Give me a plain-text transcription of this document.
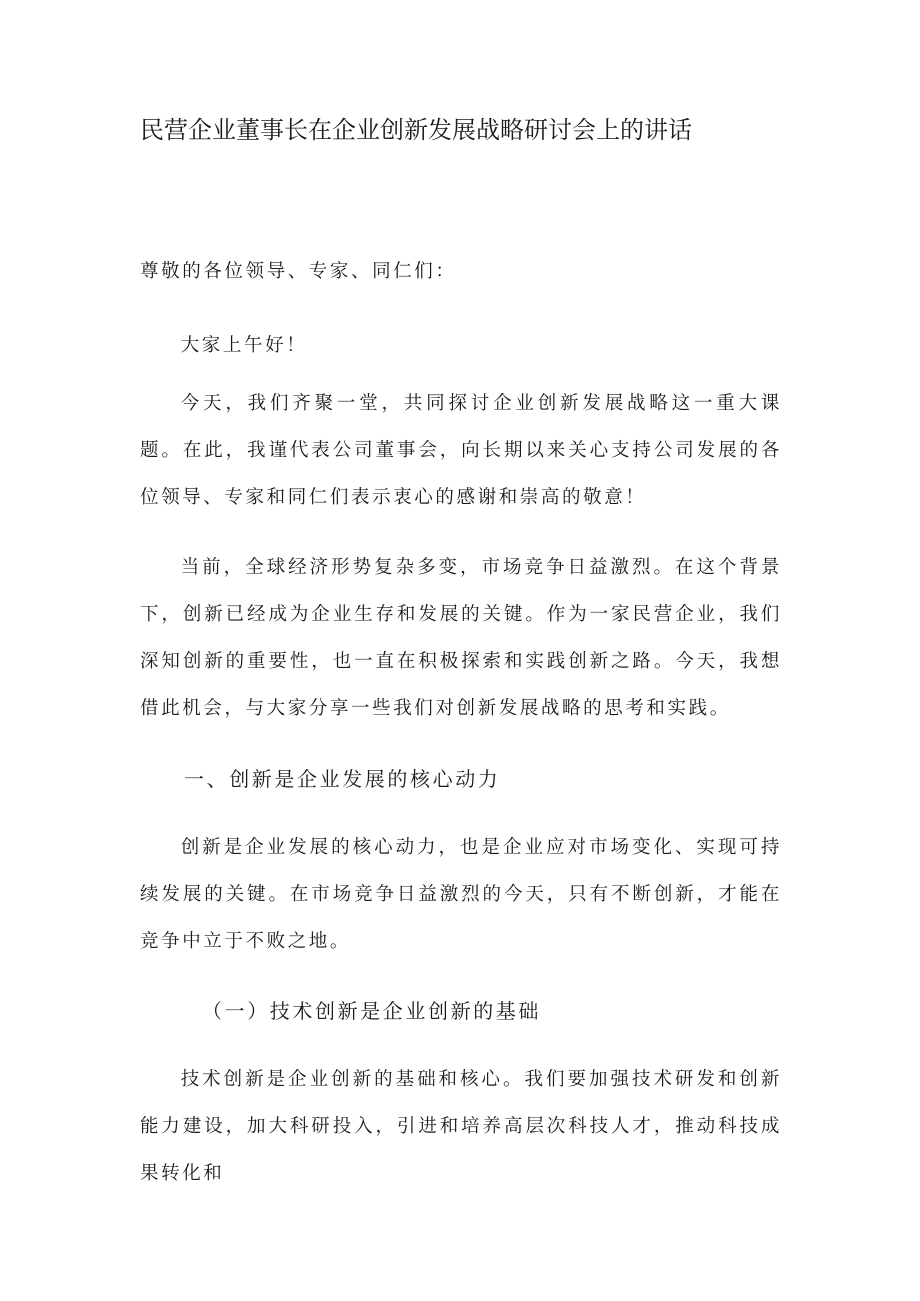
民营企业董事长在企业创新发展战略研讨会上的讲话

尊敬的各位领导、专家、同仁们：

大家上午好！

今天，我们齐聚一堂，共同探讨企业创新发展战略这一重大课题。在此，我谨代表公司董事会，向长期以来关心支持公司发展的各位领导、专家和同仁们表示衷心的感谢和崇高的敬意！

当前，全球经济形势复杂多变，市场竞争日益激烈。在这个背景下，创新已经成为企业生存和发展的关键。作为一家民营企业，我们深知创新的重要性，也一直在积极探索和实践创新之路。今天，我想借此机会，与大家分享一些我们对创新发展战略的思考和实践。

一、创新是企业发展的核心动力

创新是企业发展的核心动力，也是企业应对市场变化、实现可持续发展的关键。在市场竞争日益激烈的今天，只有不断创新，才能在竞争中立于不败之地。

（一）技术创新是企业创新的基础

技术创新是企业创新的基础和核心。我们要加强技术研发和创新能力建设，加大科研投入，引进和培养高层次科技人才，推动科技成果转化和
